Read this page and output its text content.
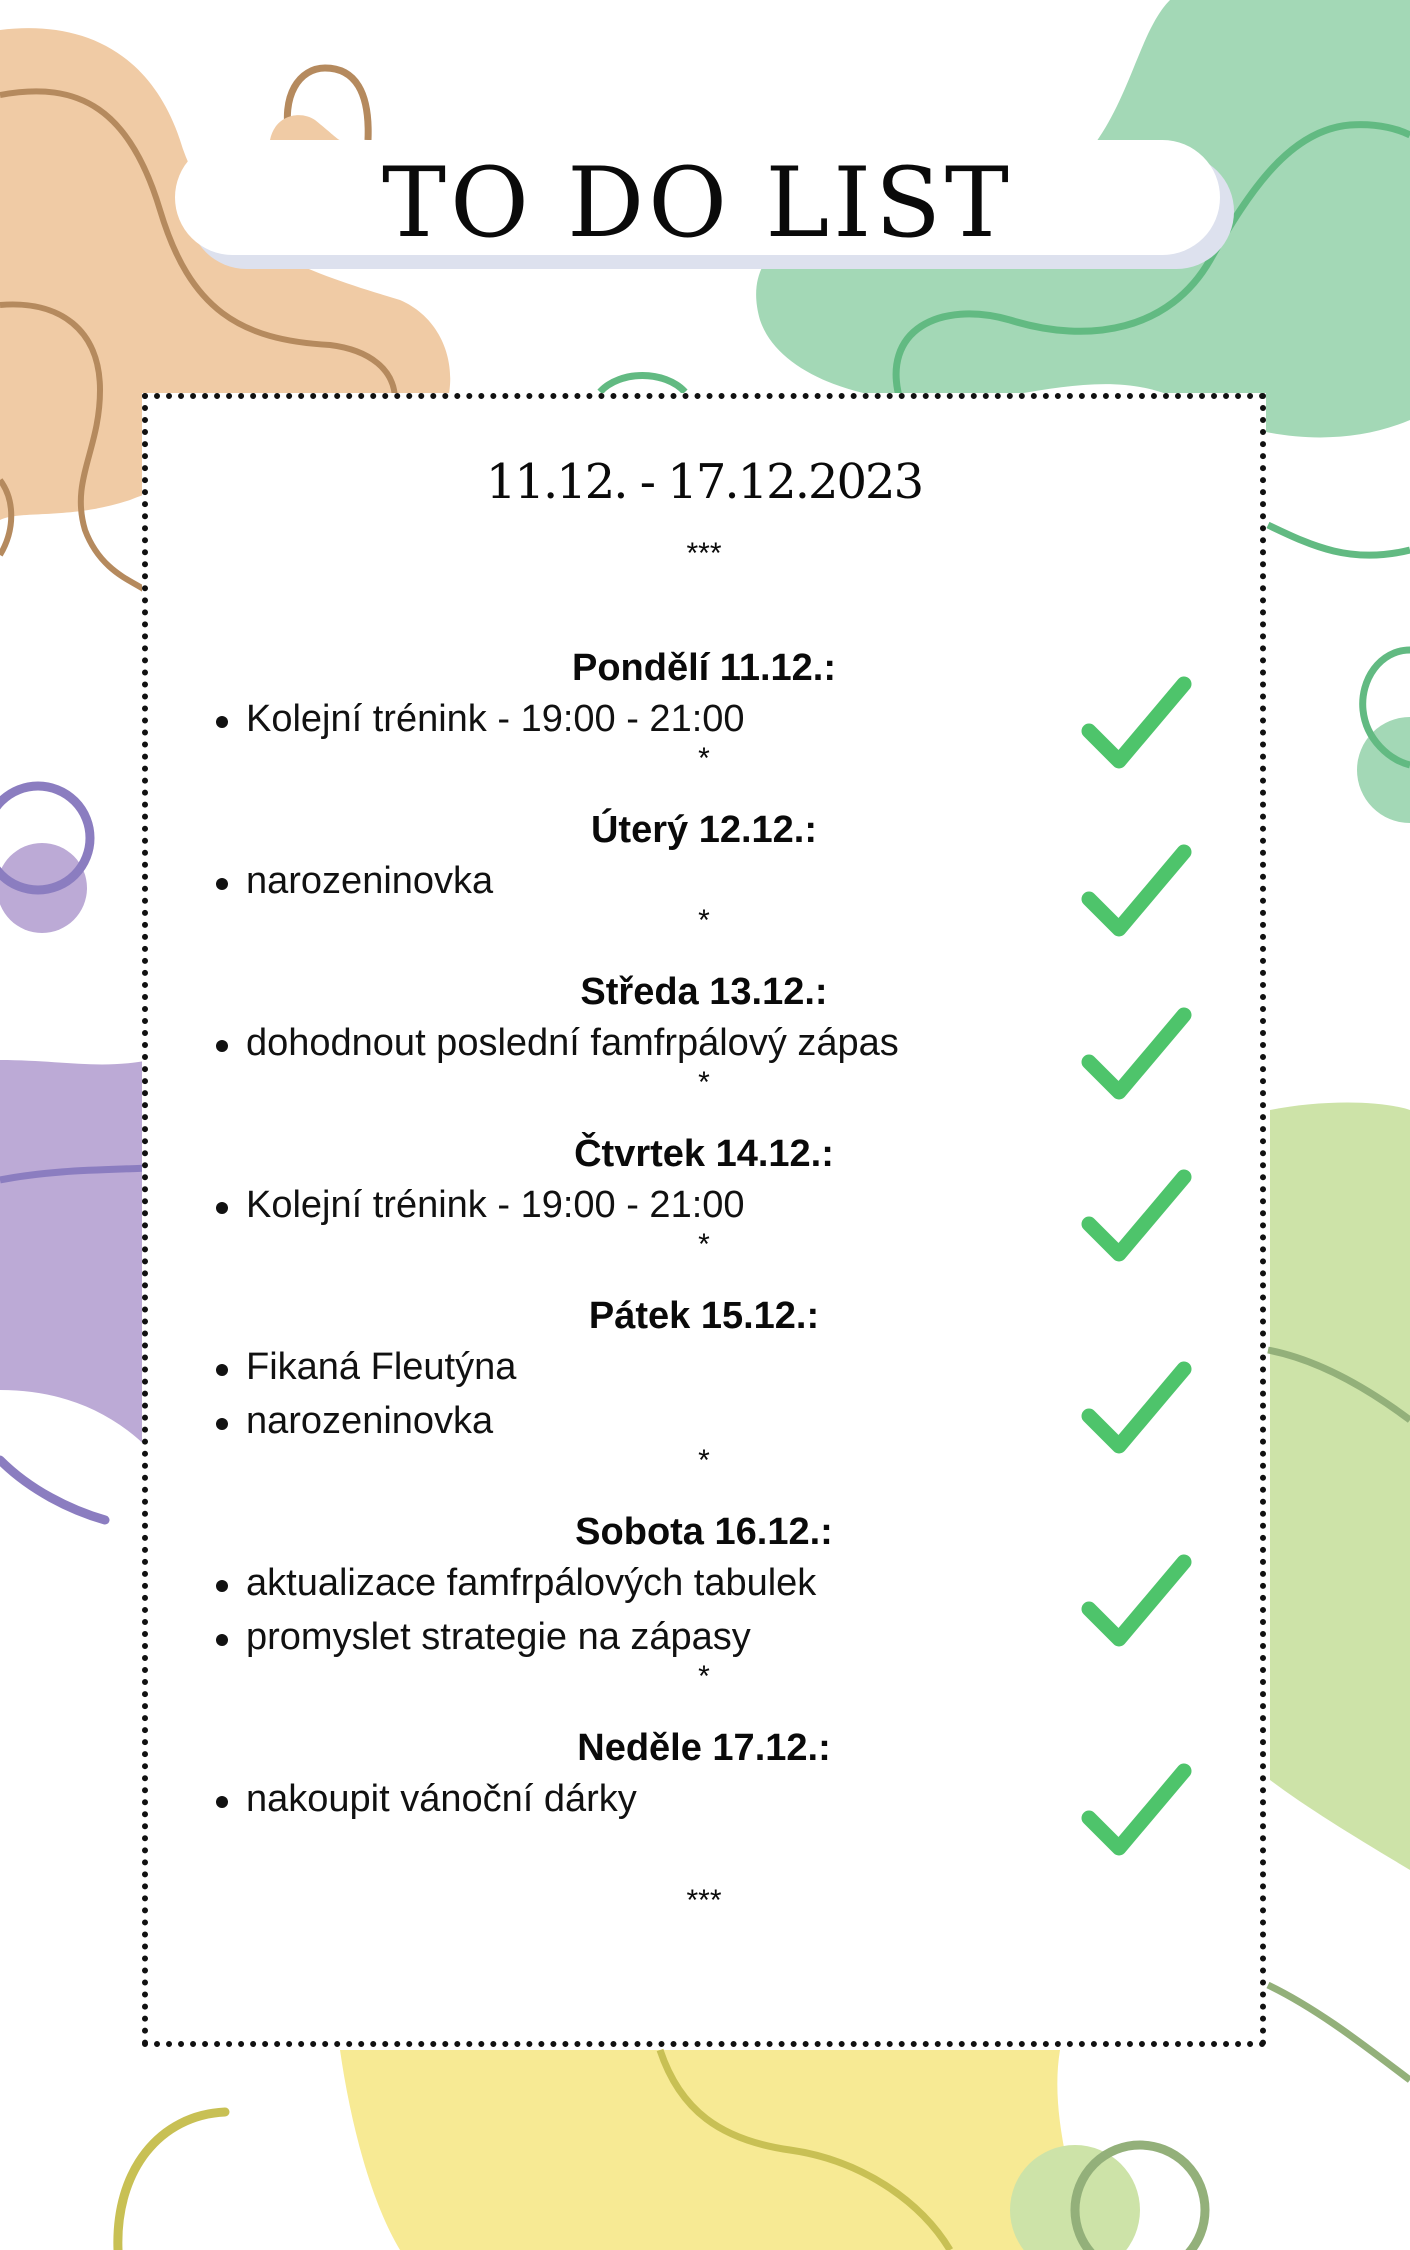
TO DO LIST
11.12. - 17.12.2023
***
Pondělí 11.12.:
Kolejní trénink - 19:00 - 21:00
*
Úterý 12.12.:
narozeninovka
*
Středa 13.12.:
dohodnout poslední famfrpálový zápas
*
Čtvrtek 14.12.:
Kolejní trénink - 19:00 - 21:00
*
Pátek 15.12.:
Fikaná Fleutýna
narozeninovka
*
Sobota 16.12.:
aktualizace famfrpálových tabulek
promyslet strategie na zápasy
*
Neděle 17.12.:
nakoupit vánoční dárky
***
